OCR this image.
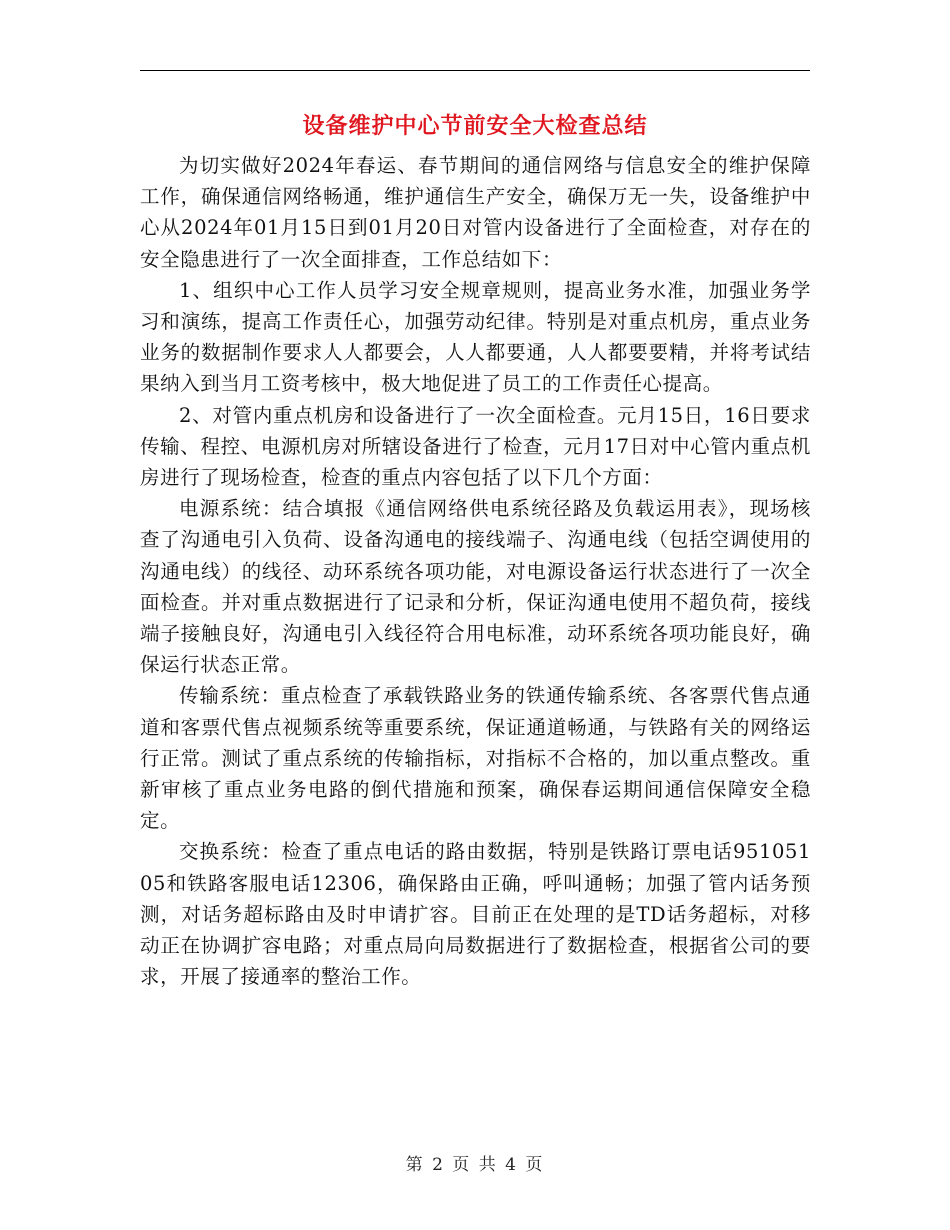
设备维护中心节前安全大检查总结

为切实做好2024年春运、春节期间的通信网络与信息安全的维护保障工作，确保通信网络畅通，维护通信生产安全，确保万无一失，设备维护中心从2024年01月15日到01月20日对管内设备进行了全面检查，对存在的安全隐患进行了一次全面排查，工作总结如下：

1、组织中心工作人员学习安全规章规则，提高业务水准，加强业务学习和演练，提高工作责任心，加强劳动纪律。特别是对重点机房，重点业务业务的数据制作要求人人都要会，人人都要通，人人都要要精，并将考试结果纳入到当月工资考核中，极大地促进了员工的工作责任心提高。

2、对管内重点机房和设备进行了一次全面检查。元月15日，16日要求传输、程控、电源机房对所辖设备进行了检查，元月17日对中心管内重点机房进行了现场检查，检查的重点内容包括了以下几个方面：

电源系统：结合填报《通信网络供电系统径路及负载运用表》，现场核查了沟通电引入负荷、设备沟通电的接线端子、沟通电线（包括空调使用的沟通电线）的线径、动环系统各项功能，对电源设备运行状态进行了一次全面检查。并对重点数据进行了记录和分析，保证沟通电使用不超负荷，接线端子接触良好，沟通电引入线径符合用电标准，动环系统各项功能良好，确保运行状态正常。

传输系统：重点检查了承载铁路业务的铁通传输系统、各客票代售点通道和客票代售点视频系统等重要系统，保证通道畅通，与铁路有关的网络运行正常。测试了重点系统的传输指标，对指标不合格的，加以重点整改。重新审核了重点业务电路的倒代措施和预案，确保春运期间通信保障安全稳定。

交换系统：检查了重点电话的路由数据，特别是铁路订票电话95105105和铁路客服电话12306，确保路由正确，呼叫通畅；加强了管内话务预测，对话务超标路由及时申请扩容。目前正在处理的是TD话务超标，对移动正在协调扩容电路；对重点局向局数据进行了数据检查，根据省公司的要求，开展了接通率的整治工作。

第 2 页 共 4 页
